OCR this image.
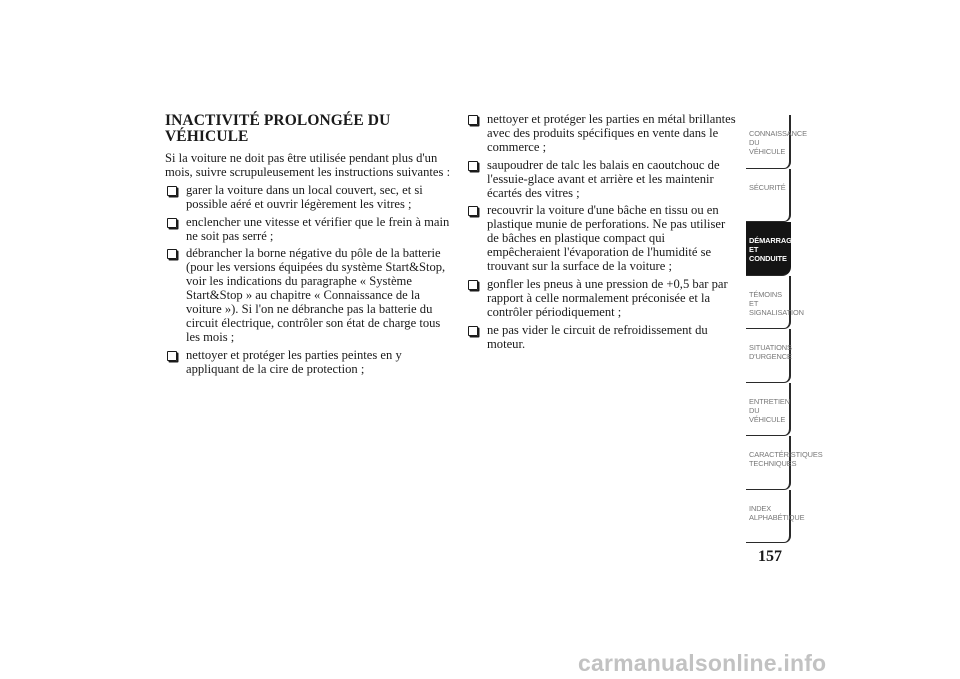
INACTIVITÉ PROLONGÉE DU VÉHICULE

Si la voiture ne doit pas être utilisée pendant plus d'un mois, suivre scrupuleusement les instructions suivantes :

garer la voiture dans un local couvert, sec, et si possible aéré et ouvrir légèrement les vitres ;
enclencher une vitesse et vérifier que le frein à main ne soit pas serré ;
débrancher la borne négative du pôle de la batterie (pour les versions équipées du système Start&Stop, voir les indications du paragraphe « Système Start&Stop » au chapitre « Connaissance de la voiture »). Si l'on ne débranche pas la batterie du circuit électrique, contrôler son état de charge tous les mois ;
nettoyer et protéger les parties peintes en y appliquant de la cire de protection ;
nettoyer et protéger les parties en métal brillantes avec des produits spécifiques en vente dans le commerce ;
saupoudrer de talc les balais en caoutchouc de l'essuie-glace avant et arrière et les maintenir écartés des vitres ;
recouvrir la voiture d'une bâche en tissu ou en plastique munie de perforations. Ne pas utiliser de bâches en plastique compact qui empêcheraient l'évaporation de l'humidité se trouvant sur la surface de la voiture ;
gonfler les pneus à une pression de +0,5 bar par rapport à celle normalement préconisée et la contrôler périodiquement ;
ne pas vider le circuit de refroidissement du moteur.
CONNAISSANCE DU
VÉHICULE
SÉCURITÉ
DÉMARRAGE ET
CONDUITE
TÉMOINS ET
SIGNALISATION
SITUATIONS
D'URGENCE
ENTRETIEN DU
VÉHICULE
CARACTÉRISTIQUES
TECHNIQUES
INDEX
ALPHABÉTIQUE
157
carmanualsonline.info
